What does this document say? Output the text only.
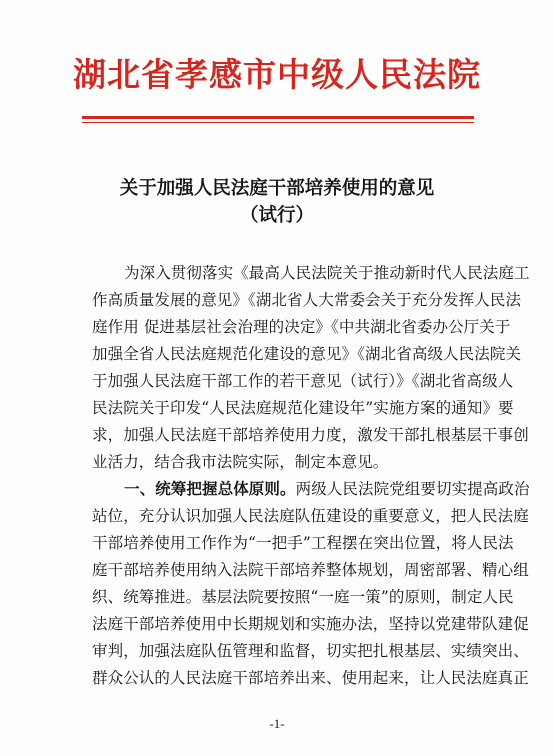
湖北省孝感市中级人民法院
关于加强人民法庭干部培养使用的意见
（试行）
为深入贯彻落实《最高人民法院关于推动新时代人民法庭工
作高质量发展的意见》《湖北省人大常委会关于充分发挥人民法
庭作用 促进基层社会治理的决定》《中共湖北省委办公厅关于
加强全省人民法庭规范化建设的意见》《湖北省高级人民法院关
于加强人民法庭干部工作的若干意见（试行）》《湖北省高级人
民法院关于印发“人民法庭规范化建设年”实施方案的通知》要
求，加强人民法庭干部培养使用力度，激发干部扎根基层干事创
业活力，结合我市法院实际，制定本意见。
一、统筹把握总体原则。两级人民法院党组要切实提高政治
站位，充分认识加强人民法庭队伍建设的重要意义，把人民法庭
干部培养使用工作作为“一把手”工程摆在突出位置，将人民法
庭干部培养使用纳入法院干部培养整体规划，周密部署、精心组
织、统筹推进。基层法院要按照“一庭一策”的原则，制定人民
法庭干部培养使用中长期规划和实施办法，坚持以党建带队建促
审判，加强法庭队伍管理和监督，切实把扎根基层、实绩突出、
群众公认的人民法庭干部培养出来、使用起来，让人民法庭真正
-1-
